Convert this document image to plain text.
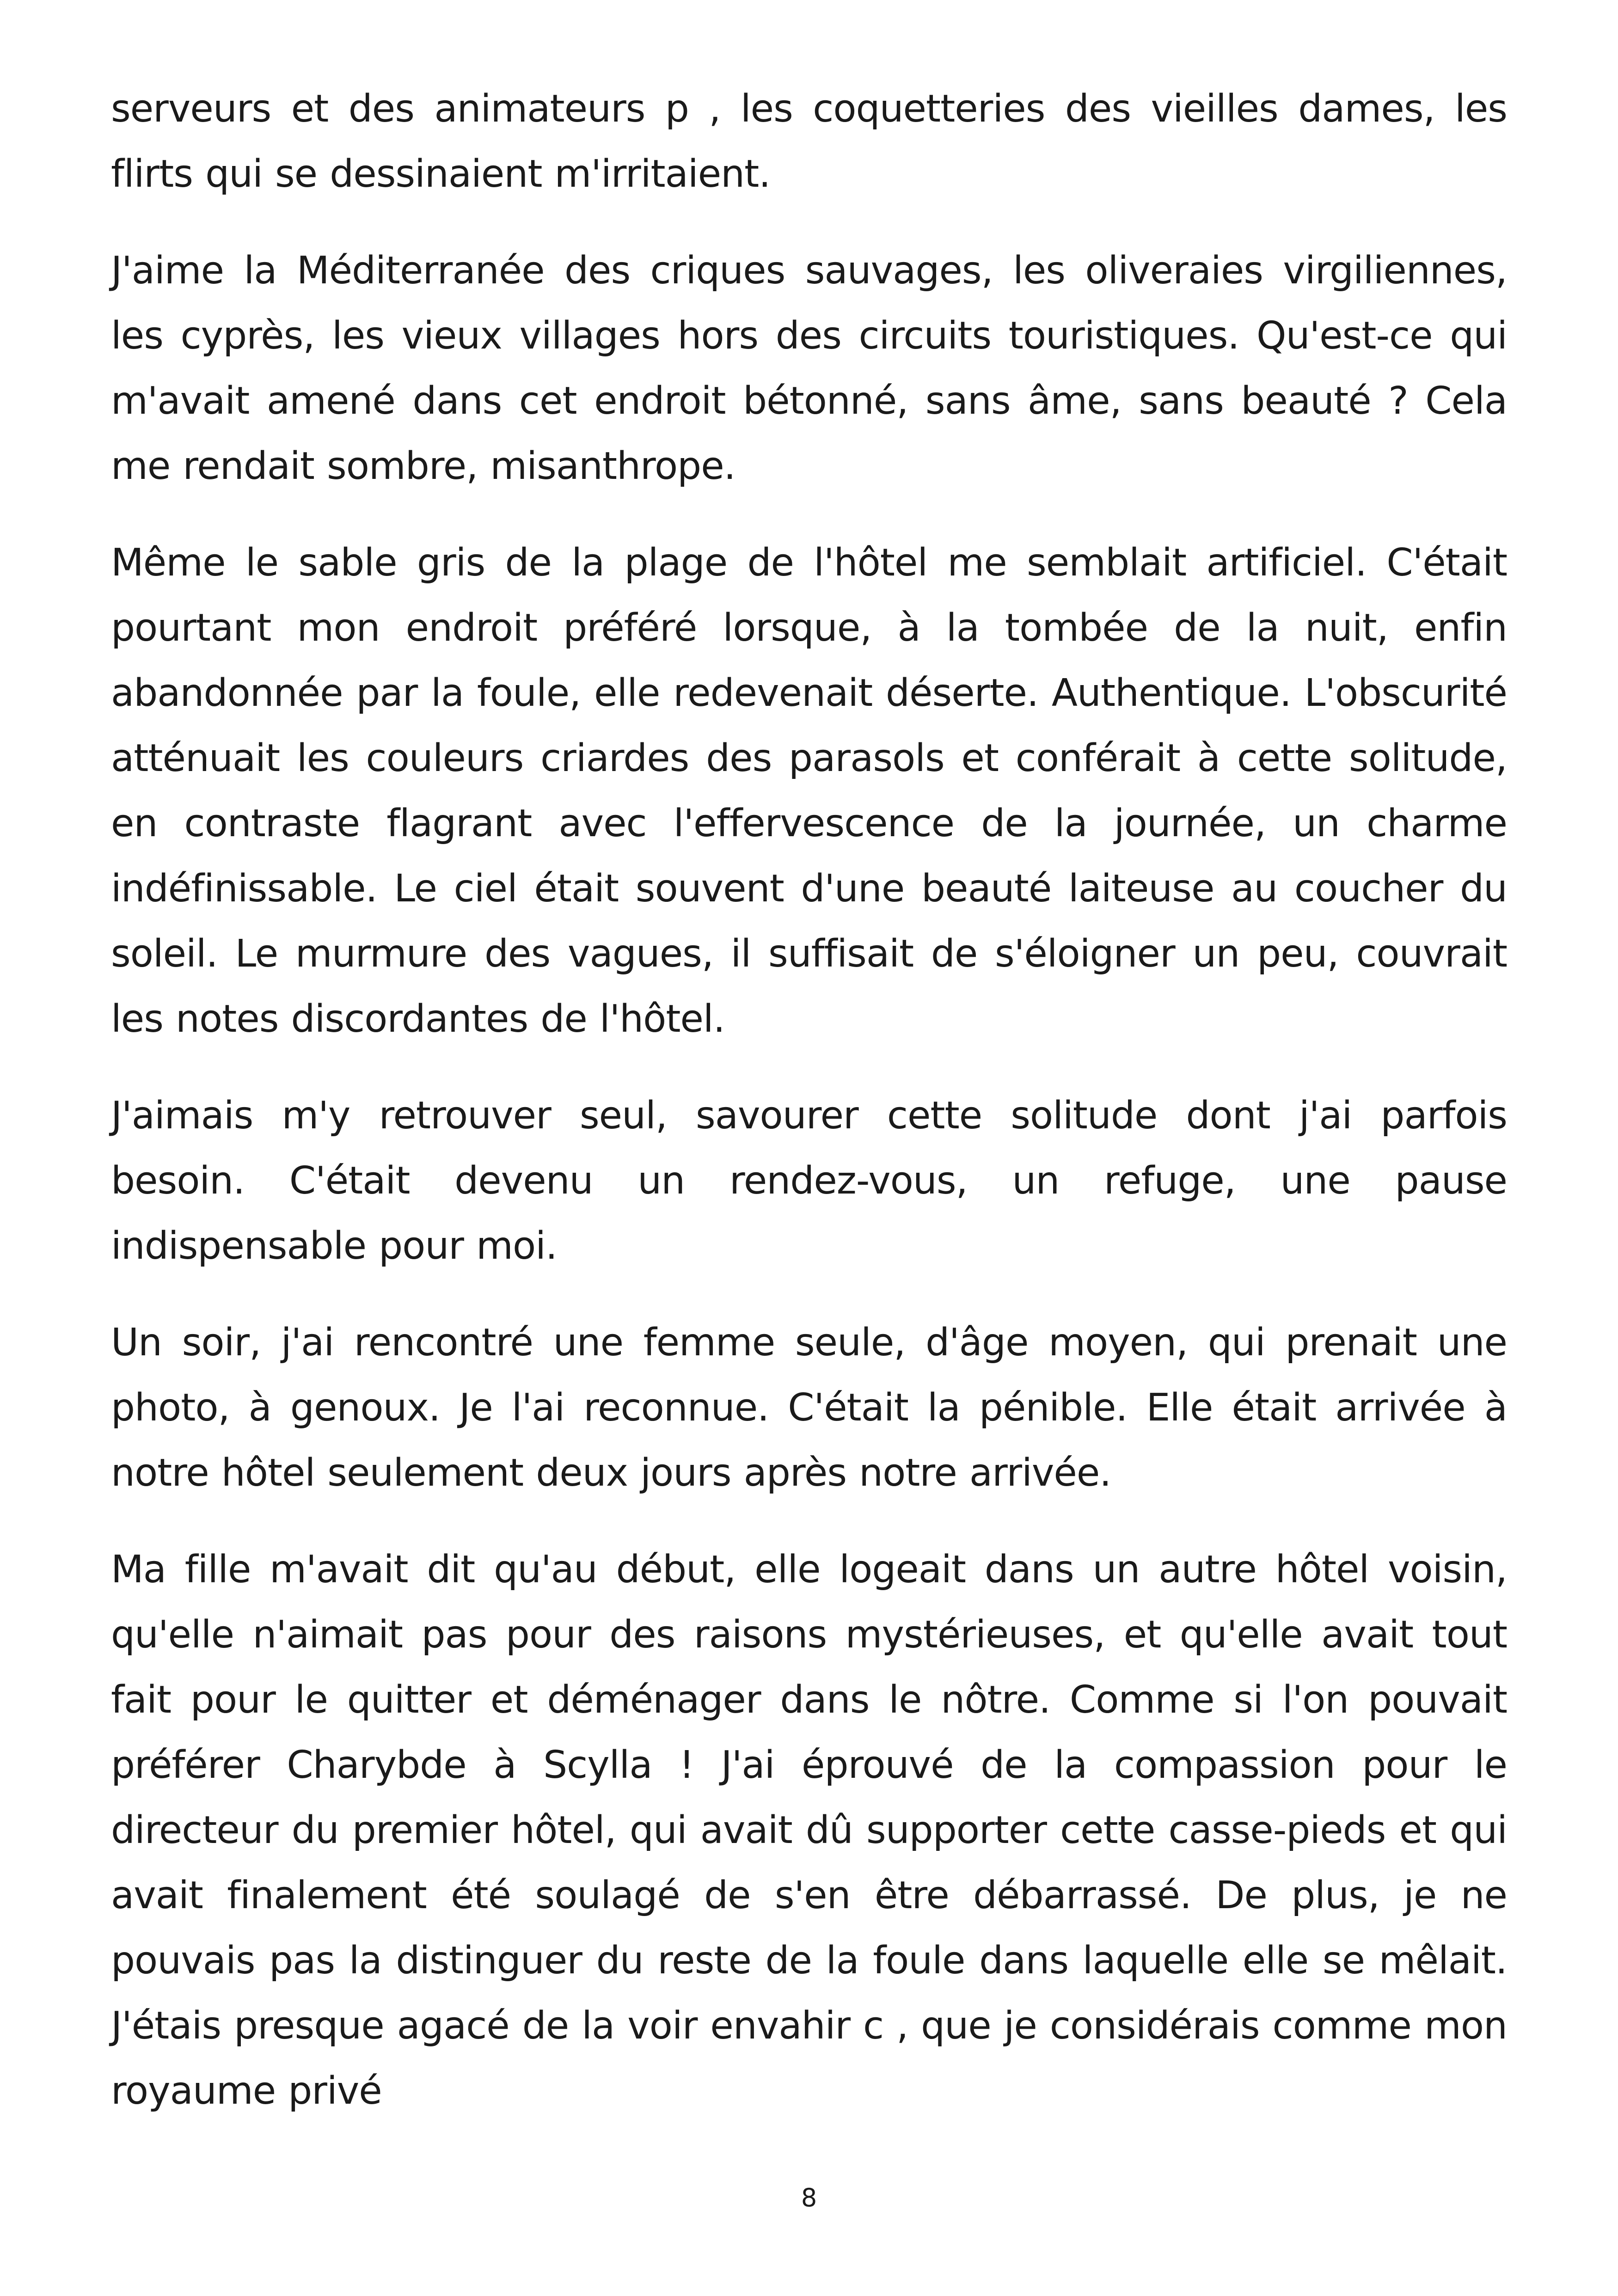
serveurs et des animateurs p , les coquetteries des vieilles dames, les flirts qui se dessinaient m'irritaient.

J'aime la Méditerranée des criques sauvages, les oliveraies virgiliennes, les cyprès, les vieux villages hors des circuits touristiques. Qu'est-ce qui m'avait amené dans cet endroit bétonné, sans âme, sans beauté ? Cela me rendait sombre, misanthrope.

Même le sable gris de la plage de l'hôtel me semblait artificiel. C'était pourtant mon endroit préféré lorsque, à la tombée de la nuit, enfin abandonnée par la foule, elle redevenait déserte. Authentique. L'obscurité atténuait les couleurs criardes des parasols et conférait à cette solitude, en contraste flagrant avec l'effervescence de la journée, un charme indéfinissable. Le ciel était souvent d'une beauté laiteuse au coucher du soleil. Le murmure des vagues, il suffisait de s'éloigner un peu, couvrait les notes discordantes de l'hôtel.

J'aimais m'y retrouver seul, savourer cette solitude dont j'ai parfois besoin. C'était devenu un rendez-vous, un refuge, une pause indispensable pour moi.

Un soir, j'ai rencontré une femme seule, d'âge moyen, qui prenait une photo, à genoux. Je l'ai reconnue. C'était la pénible. Elle était arrivée à notre hôtel seulement deux jours après notre arrivée.

Ma fille m'avait dit qu'au début, elle logeait dans un autre hôtel voisin, qu'elle n'aimait pas pour des raisons mystérieuses, et qu'elle avait tout fait pour le quitter et déménager dans le nôtre. Comme si l'on pouvait préférer Charybde à Scylla ! J'ai éprouvé de la compassion pour le directeur du premier hôtel, qui avait dû supporter cette casse-pieds et qui avait finalement été soulagé de s'en être débarrassé. De plus, je ne pouvais pas la distinguer du reste de la foule dans laquelle elle se mêlait. J'étais presque agacé de la voir envahir c , que je considérais comme mon royaume privé

8
